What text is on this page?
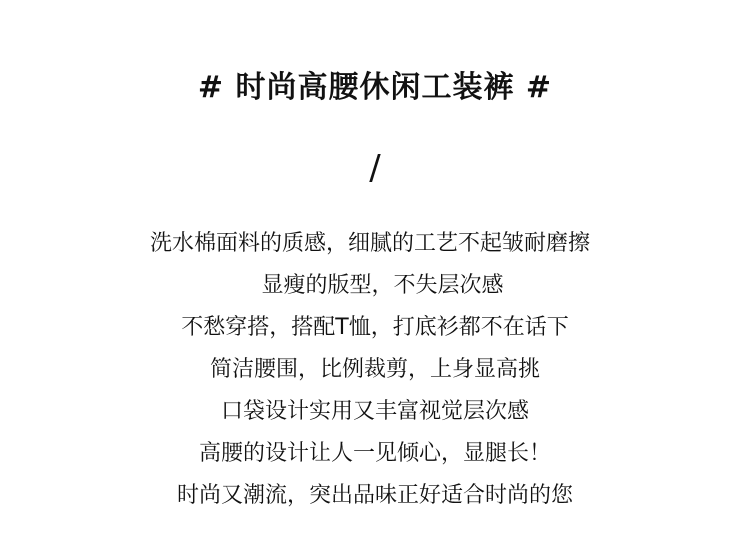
# 时尚高腰休闲工装裤 #
/
洗水棉面料的质感，细腻的工艺不起皱耐磨擦
显瘦的版型，不失层次感
不愁穿搭，搭配T恤，打底衫都不在话下
简洁腰围，比例裁剪，上身显高挑
口袋设计实用又丰富视觉层次感
高腰的设计让人一见倾心，显腿长！
时尚又潮流，突出品味正好适合时尚的您
